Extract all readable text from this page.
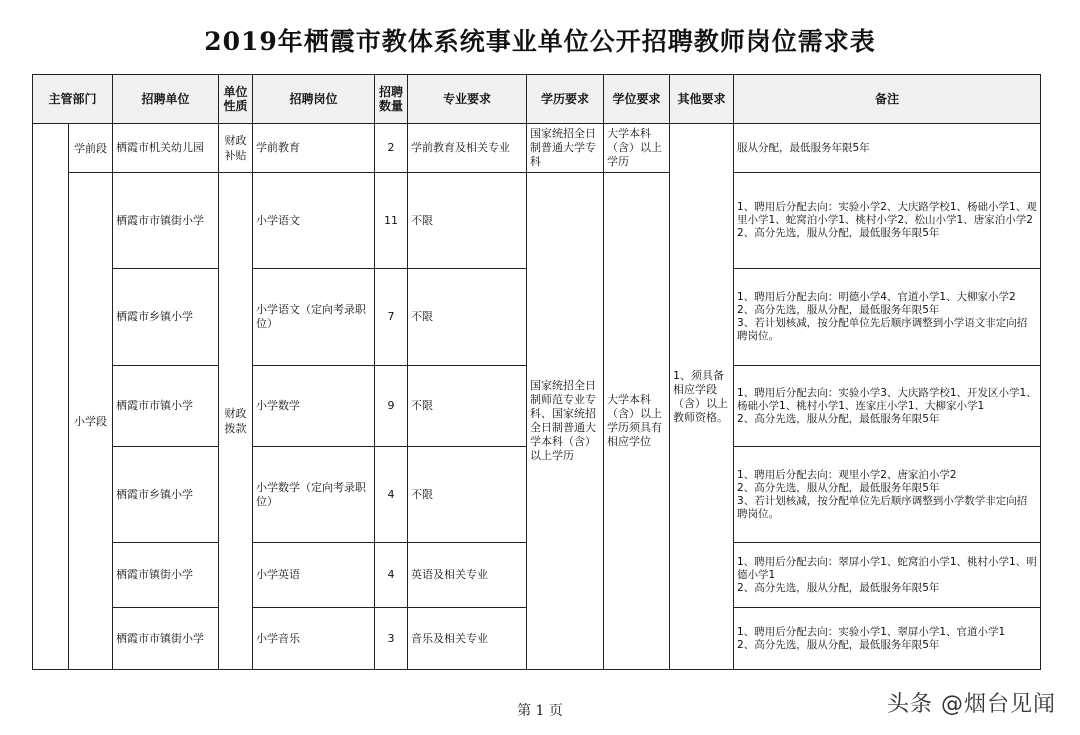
2019年栖霞市教体系统事业单位公开招聘教师岗位需求表
主管部门		招聘单位	单位性质	招聘岗位	招聘数量	专业要求	学历要求	学位要求	其他要求	备注
	学前段	栖霞市机关幼儿园	财政补贴	学前教育	2	学前教育及相关专业	国家统招全日制普通大学专科	大学本科（含）以上学历	1、须具备相应学段（含）以上教师资格。	服从分配，最低服务年限5年

	小学段	栖霞市市镇街小学	财政拨款	小学语文	11	不限	国家统招全日制师范专业专科、国家统招全日制普通大学本科（含）以上学历	大学本科（含）以上学历须具有相应学位		1、聘用后分配去向：实验小学2、大庆路学校1、杨础小学1、观里小学1、蛇窝泊小学1、桃村小学2、松山小学1、唐家泊小学2
2、高分先选，服从分配，最低服务年限5年

		栖霞市乡镇小学		小学语文（定向考录职位）	7	不限				1、聘用后分配去向：明德小学4、官道小学1、大柳家小学2
2、高分先选，服从分配，最低服务年限5年
3、若计划核减，按分配单位先后顺序调整到小学语文非定向招聘岗位。

		栖霞市市镇小学		小学数学	9	不限				1、聘用后分配去向：实验小学3、大庆路学校1、开发区小学1、杨础小学1、桃村小学1、连家庄小学1、大柳家小学1
2、高分先选，服从分配，最低服务年限5年

		栖霞市乡镇小学		小学数学（定向考录职位）	4	不限				1、聘用后分配去向：观里小学2、唐家泊小学2
2、高分先选，服从分配，最低服务年限5年
3、若计划核减，按分配单位先后顺序调整到小学数学非定向招聘岗位。

		栖霞市镇街小学		小学英语	4	英语及相关专业				1、聘用后分配去向：翠屏小学1、蛇窝泊小学1、桃村小学1、明德小学1
2、高分先选，服从分配，最低服务年限5年

		栖霞市市镇街小学		小学音乐	3	音乐及相关专业				1、聘用后分配去向：实验小学1、翠屏小学1、官道小学1
2、高分先选，服从分配，最低服务年限5年
第 1 页	头条 @烟台见闻
